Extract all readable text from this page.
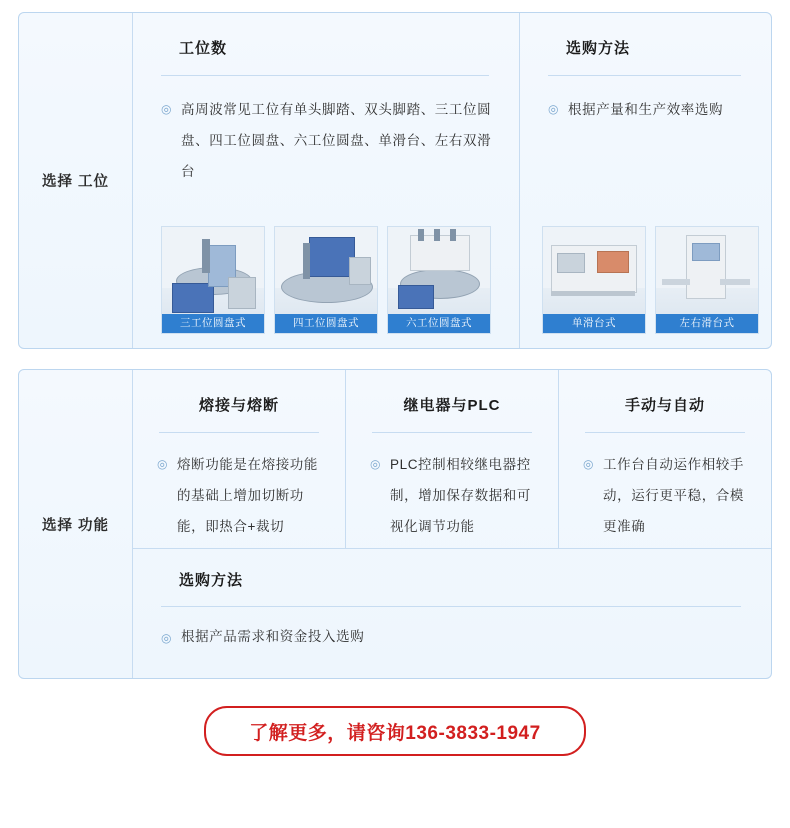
选择 工位
工位数
◎ 高周波常见工位有单头脚踏、双头脚踏、三工位圆盘、四工位圆盘、六工位圆盘、单滑台、左右双滑台
三工位圆盘式	四工位圆盘式	六工位圆盘式
选购方法
◎ 根据产量和生产效率选购
单滑台式	左右滑台式
选择 功能
熔接与熔断
◎ 熔断功能是在熔接功能的基础上增加切断功能，即热合+裁切
继电器与PLC
◎ PLC控制相较继电器控制，增加保存数据和可视化调节功能
手动与自动
◎ 工作台自动运作相较手动，运行更平稳，合模更准确
选购方法
◎ 根据产品需求和资金投入选购
了解更多，请咨询136-3833-1947
